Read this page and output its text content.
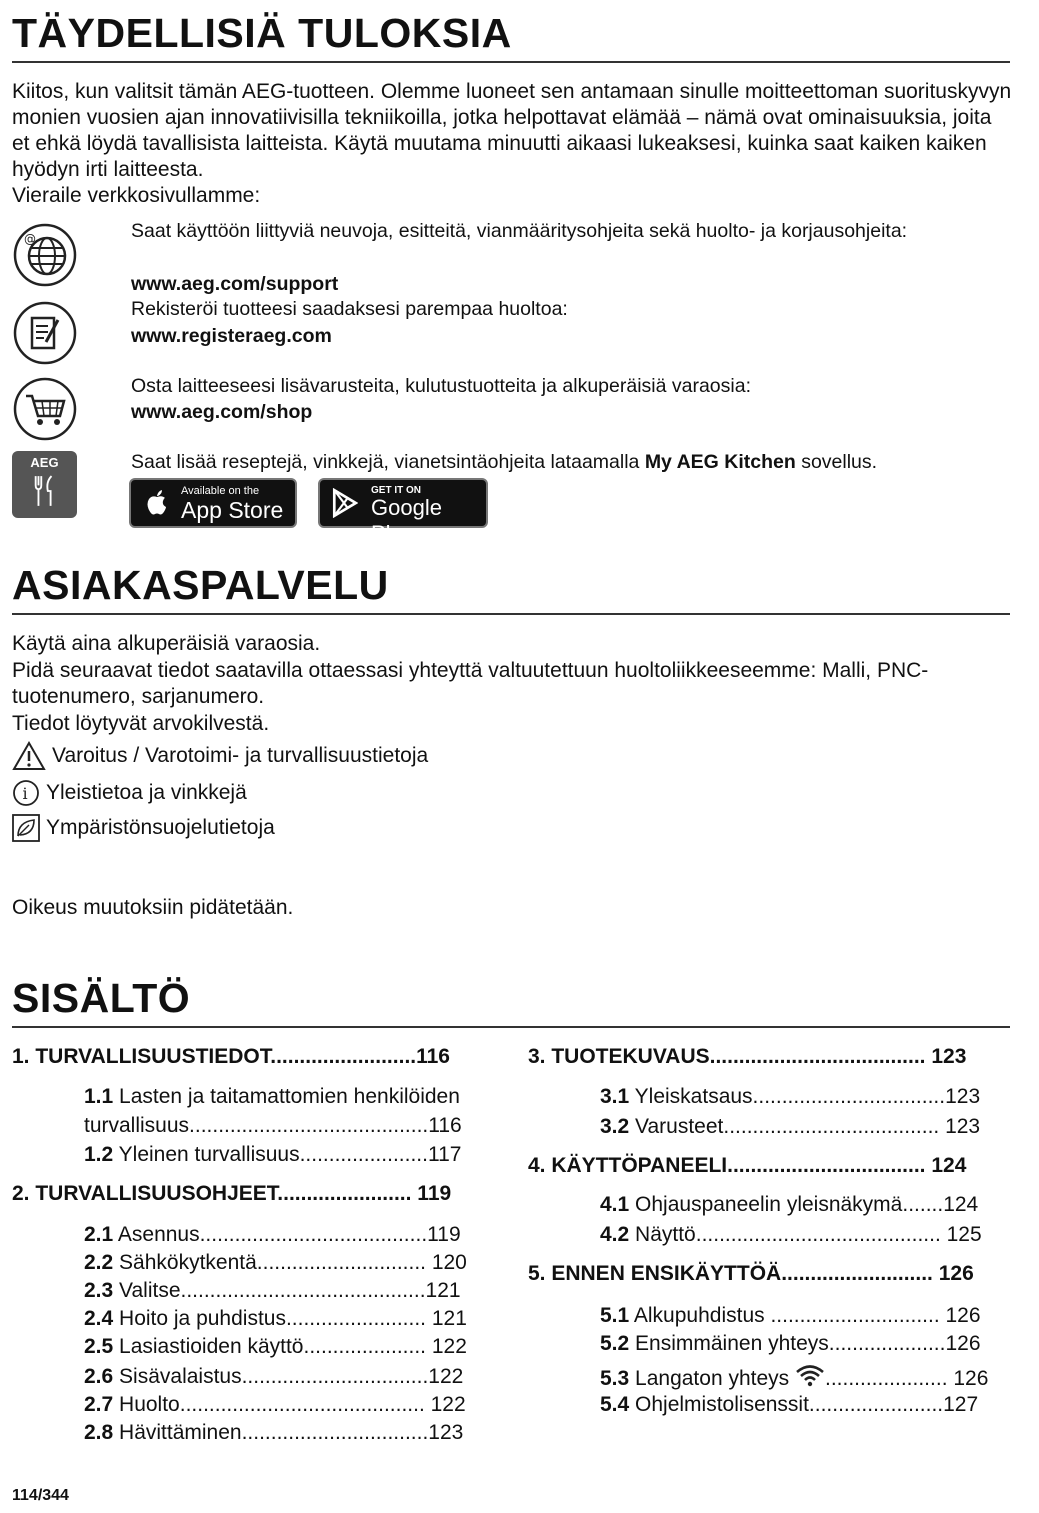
TÄYDELLISIÄ TULOKSIA
Kiitos, kun valitsit tämän AEG-tuotteen. Olemme luoneet sen antamaan sinulle moitteettoman suorituskyvyn monien vuosien ajan innovatiivisilla tekniikoilla, jotka helpottavat elämää – nämä ovat ominaisuuksia, joita et ehkä löydä tavallisista laitteista. Käytä muutama minuutti aikaasi lukeaksesi, kuinka saat kaiken kaiken hyödyn irti laitteesta.
Vieraile verkkosivullamme:
@	Saat käyttöön liittyviä neuvoja, esitteitä, vianmääritysohjeita sekä huolto- ja korjausohjeita:
www.aeg.com/support
Rekisteröi tuotteesi saadaksesi parempaa huoltoa:
www.registeraeg.com
Osta laitteeseesi lisävarusteita, kulutustuotteita ja alkuperäisiä varaosia:
www.aeg.com/shop
AEG	Saat lisää reseptejä, vinkkejä, vianetsintäohjeita lataamalla My AEG Kitchen sovellus.
Available on the
App Store
GET IT ON
Google Play
ASIAKASPALVELU
Käytä aina alkuperäisiä varaosia.
Pidä seuraavat tiedot saatavilla ottaessasi yhteyttä valtuutettuun huoltoliikkeeseemme: Malli, PNC-tuotenumero, sarjanumero.
Tiedot löytyvät arvokilvestä.
Varoitus / Varotoimi- ja turvallisuustietoja
i Yleistietoa ja vinkkejä
Ympäristönsuojelutietoja
Oikeus muutoksiin pidätetään.
SISÄLTÖ
1. TURVALLISUUSTIEDOT.........................116
1.1 Lasten ja taitamattomien henkilöiden
turvallisuus.........................................116
1.2 Yleinen turvallisuus......................117
2. TURVALLISUUSOHJEET....................... 119
2.1 Asennus.......................................119
2.2 Sähkökytkentä............................. 120
2.3 Valitse..........................................121
2.4 Hoito ja puhdistus........................ 121
2.5 Lasiastioiden käyttö..................... 122
2.6 Sisävalaistus................................122
2.7 Huolto.......................................... 122
2.8 Hävittäminen................................123
3. TUOTEKUVAUS..................................... 123
3.1 Yleiskatsaus.................................123
3.2 Varusteet..................................... 123
4. KÄYTTÖPANEELI.................................. 124
4.1 Ohjauspaneelin yleisnäkymä.......124
4.2 Näyttö.......................................... 125
5. ENNEN ENSIKÄYTTÖÄ.......................... 126
5.1 Alkupuhdistus ............................. 126
5.2 Ensimmäinen yhteys....................126
5.3 Langaton yhteys ..................... 126
5.4 Ohjelmistolisenssit.......................127
114/344
